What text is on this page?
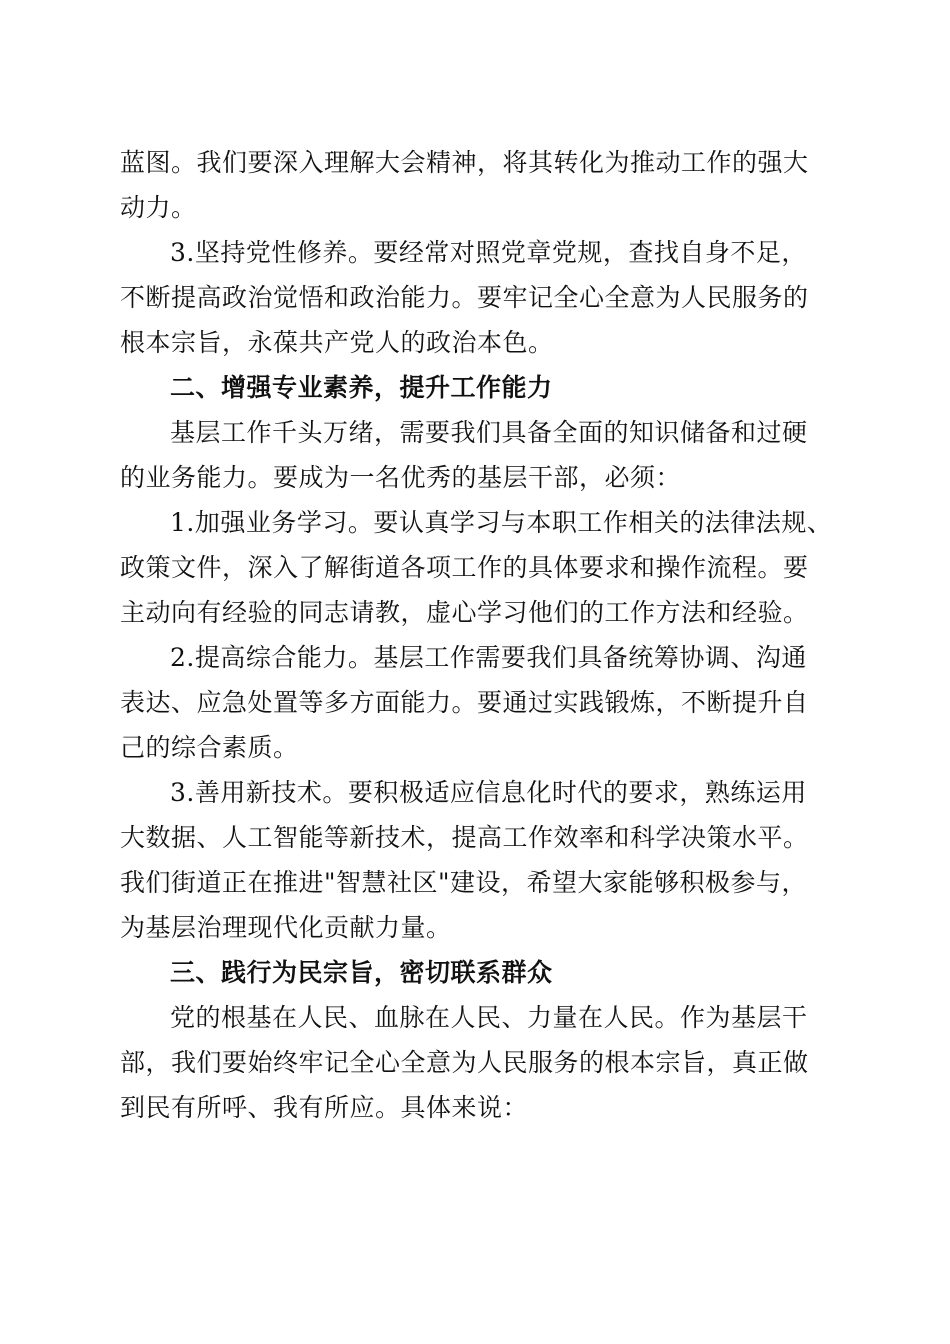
蓝图。我们要深入理解大会精神，将其转化为推动工作的强大
动力。
3.坚持党性修养。要经常对照党章党规，查找自身不足，
不断提高政治觉悟和政治能力。要牢记全心全意为人民服务的
根本宗旨，永葆共产党人的政治本色。
二、增强专业素养，提升工作能力
基层工作千头万绪，需要我们具备全面的知识储备和过硬
的业务能力。要成为一名优秀的基层干部，必须：
1.加强业务学习。要认真学习与本职工作相关的法律法规、
政策文件，深入了解街道各项工作的具体要求和操作流程。要
主动向有经验的同志请教，虚心学习他们的工作方法和经验。
2.提高综合能力。基层工作需要我们具备统筹协调、沟通
表达、应急处置等多方面能力。要通过实践锻炼，不断提升自
己的综合素质。
3.善用新技术。要积极适应信息化时代的要求，熟练运用
大数据、人工智能等新技术，提高工作效率和科学决策水平。
我们街道正在推进"智慧社区"建设，希望大家能够积极参与，
为基层治理现代化贡献力量。
三、践行为民宗旨，密切联系群众
党的根基在人民、血脉在人民、力量在人民。作为基层干
部，我们要始终牢记全心全意为人民服务的根本宗旨，真正做
到民有所呼、我有所应。具体来说：
